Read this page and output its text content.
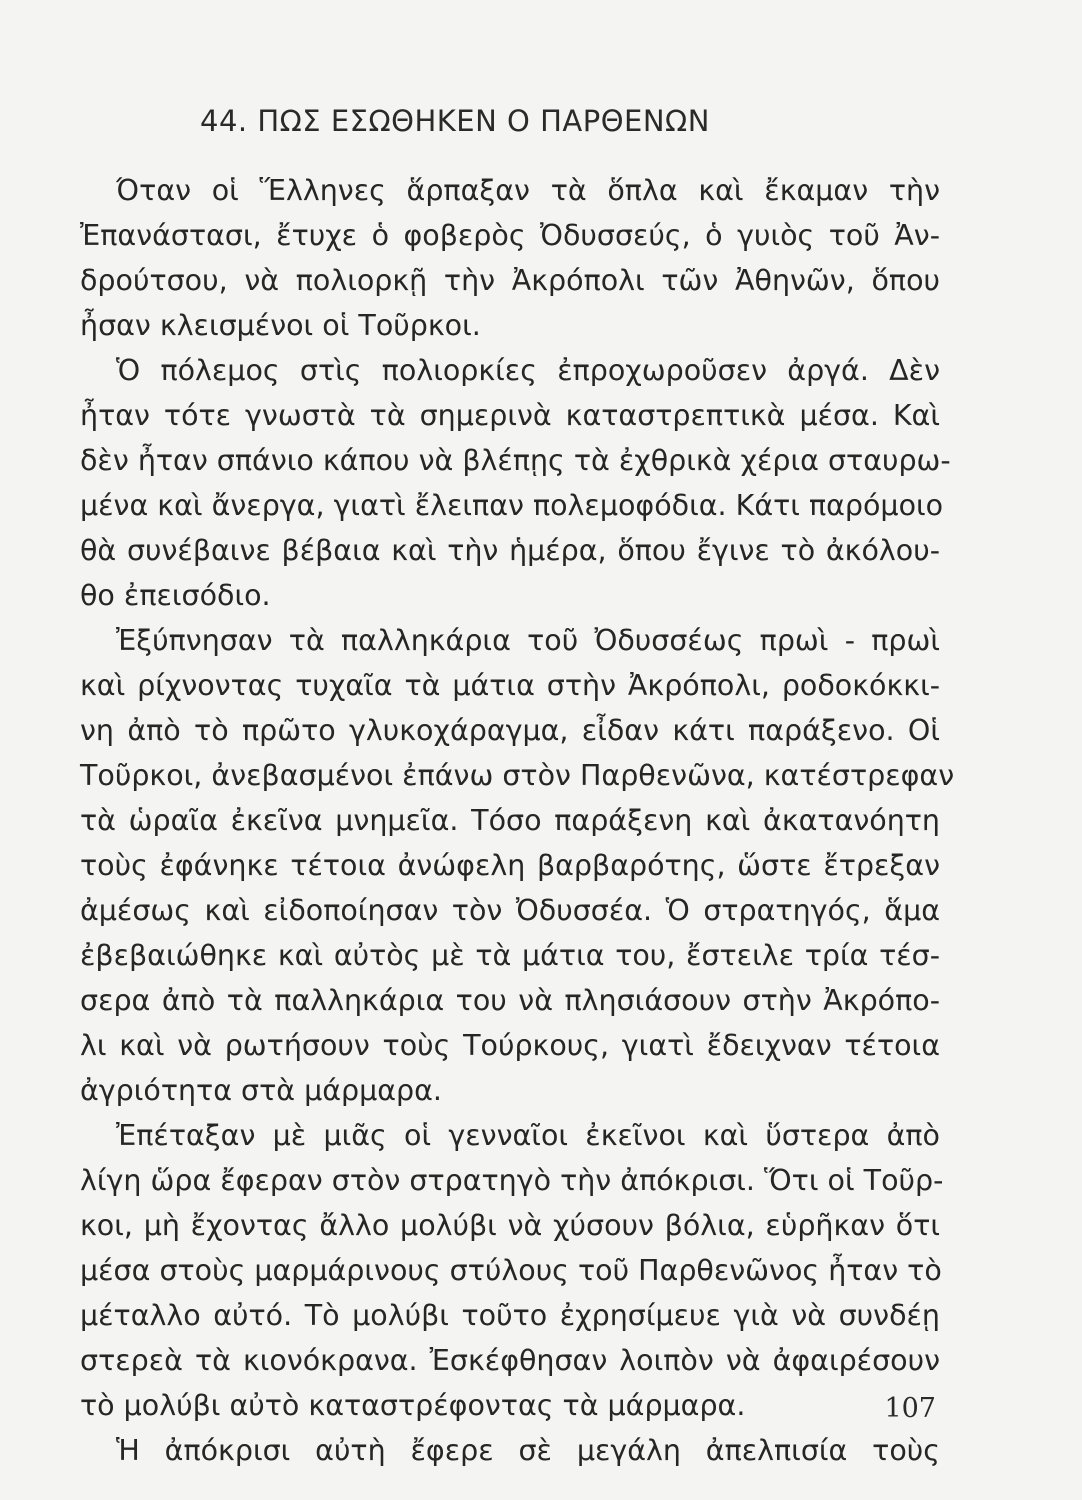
44. ΠΩΣ ΕΣΩΘΗΚΕΝ Ο ΠΑΡΘΕΝΩΝ
Όταν οἱ Ἕλληνες ἅρπαξαν τὰ ὅπλα καὶ ἔκαμαν τὴν
Ἐπανάστασι, ἔτυχε ὁ φοβερὸς Ὀδυσσεύς, ὁ γυιὸς τοῦ Ἀν-
δρούτσου, νὰ πολιορκῇ τὴν Ἀκρόπολι τῶν Ἀθηνῶν, ὅπου
ἦσαν κλεισμένοι οἱ Τοῦρκοι.
Ὁ πόλεμος στὶς πολιορκίες ἐπροχωροῦσεν ἀργά. Δὲν
ἦταν τότε γνωστὰ τὰ σημερινὰ καταστρεπτικὰ μέσα. Καὶ
δὲν ἦταν σπάνιο κάπου νὰ βλέπῃς τὰ ἐχθρικὰ χέρια σταυρω-
μένα καὶ ἄνεργα, γιατὶ ἔλειπαν πολεμοφόδια. Κάτι παρόμοιο
θὰ συνέβαινε βέβαια καὶ τὴν ἡμέρα, ὅπου ἔγινε τὸ ἀκόλου-
θο ἐπεισόδιο.
Ἐξύπνησαν τὰ παλληκάρια τοῦ Ὀδυσσέως πρωὶ - πρωὶ
καὶ ρίχνοντας τυχαῖα τὰ μάτια στὴν Ἀκρόπολι, ροδοκόκκι-
νη ἀπὸ τὸ πρῶτο γλυκοχάραγμα, εἶδαν κάτι παράξενο. Οἱ
Τοῦρκοι, ἀνεβασμένοι ἐπάνω στὸν Παρθενῶνα, κατέστρεφαν
τὰ ὡραῖα ἐκεῖνα μνημεῖα. Τόσο παράξενη καὶ ἀκατανόητη
τοὺς ἐφάνηκε τέτοια ἀνώφελη βαρβαρότης, ὥστε ἔτρεξαν
ἀμέσως καὶ εἰδοποίησαν τὸν Ὀδυσσέα. Ὁ στρατηγός, ἅμα
ἐβεβαιώθηκε καὶ αὐτὸς μὲ τὰ μάτια του, ἔστειλε τρία τέσ-
σερα ἀπὸ τὰ παλληκάρια του νὰ πλησιάσουν στὴν Ἀκρόπο-
λι καὶ νὰ ρωτήσουν τοὺς Τούρκους, γιατὶ ἔδειχναν τέτοια
ἀγριότητα στὰ μάρμαρα.
Ἐπέταξαν μὲ μιᾶς οἱ γενναῖοι ἐκεῖνοι καὶ ὕστερα ἀπὸ
λίγη ὥρα ἔφεραν στὸν στρατηγὸ τὴν ἀπόκρισι. Ὅτι οἱ Τοῦρ-
κοι, μὴ ἔχοντας ἄλλο μολύβι νὰ χύσουν βόλια, εὑρῆκαν ὅτι
μέσα στοὺς μαρμάρινους στύλους τοῦ Παρθενῶνος ἦταν τὸ
μέταλλο αὐτό. Τὸ μολύβι τοῦτο ἐχρησίμευε γιὰ νὰ συνδέῃ
στερεὰ τὰ κιονόκρανα. Ἐσκέφθησαν λοιπὸν νὰ ἀφαιρέσουν
τὸ μολύβι αὐτὸ καταστρέφοντας τὰ μάρμαρα.
Ἡ ἀπόκρισι αὐτὴ ἔφερε σὲ μεγάλη ἀπελπισία τοὺς
107
